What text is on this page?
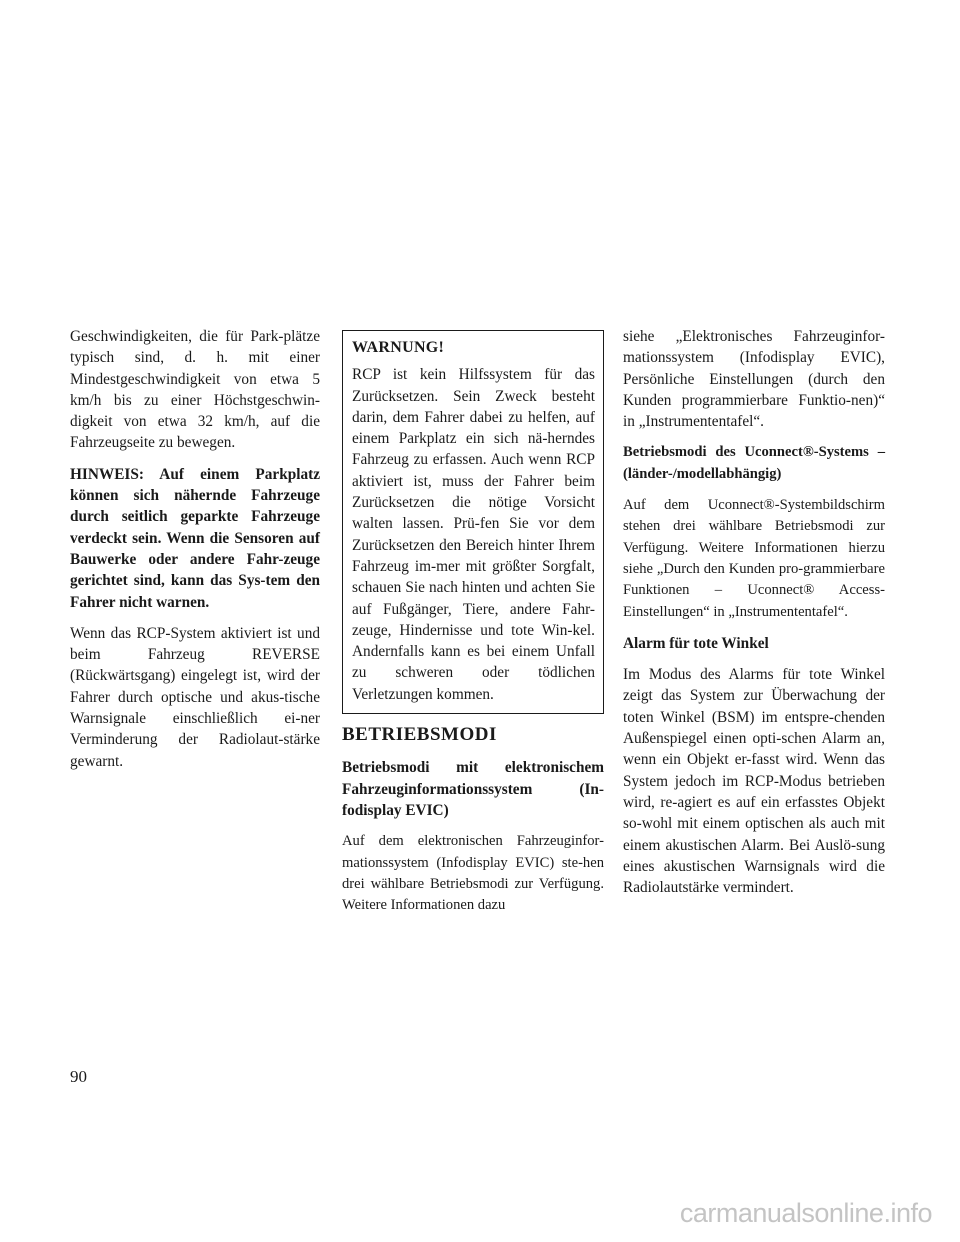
Geschwindigkeiten, die für Park-plätze typisch sind, d. h. mit einer Mindestgeschwindigkeit von etwa 5 km/h bis zu einer Höchstgeschwin-digkeit von etwa 32 km/h, auf die Fahrzeugseite zu bewegen.

HINWEIS: Auf einem Parkplatz können sich nähernde Fahrzeuge durch seitlich geparkte Fahrzeuge verdeckt sein. Wenn die Sensoren auf Bauwerke oder andere Fahr-zeuge gerichtet sind, kann das Sys-tem den Fahrer nicht warnen.

Wenn das RCP-System aktiviert ist und beim Fahrzeug REVERSE (Rückwärtsgang) eingelegt ist, wird der Fahrer durch optische und akus-tische Warnsignale einschließlich ei-ner Verminderung der Radiolaut-stärke gewarnt.

WARNUNG!

RCP ist kein Hilfssystem für das Zurücksetzen. Sein Zweck besteht darin, dem Fahrer dabei zu helfen, auf einem Parkplatz ein sich nä-herndes Fahrzeug zu erfassen. Auch wenn RCP aktiviert ist, muss der Fahrer beim Zurücksetzen die nötige Vorsicht walten lassen. Prü-fen Sie vor dem Zurücksetzen den Bereich hinter Ihrem Fahrzeug im-mer mit größter Sorgfalt, schauen Sie nach hinten und achten Sie auf Fußgänger, Tiere, andere Fahr-zeuge, Hindernisse und tote Win-kel. Andernfalls kann es bei einem Unfall zu schweren oder tödlichen Verletzungen kommen.

BETRIEBSMODI

Betriebsmodi mit elektronischem Fahrzeuginformationssystem (In-fodisplay EVIC)

Auf dem elektronischen Fahrzeuginfor-mationssystem (Infodisplay EVIC) ste-hen drei wählbare Betriebsmodi zur Verfügung. Weitere Informationen dazu

siehe „Elektronisches Fahrzeuginfor-mationssystem (Infodisplay EVIC), Persönliche Einstellungen (durch den Kunden programmierbare Funktio-nen)“ in „Instrumententafel“.

Betriebsmodi des Uconnect®-Systems – (länder-/modellabhängig)

Auf dem Uconnect®-Systembildschirm stehen drei wählbare Betriebsmodi zur Verfügung. Weitere Informationen hierzu siehe „Durch den Kunden pro-grammierbare Funktionen – Uconnect® Access-Einstellungen“ in „Instrumententafel“.

Alarm für tote Winkel

Im Modus des Alarms für tote Winkel zeigt das System zur Überwachung der toten Winkel (BSM) im entspre-chenden Außenspiegel einen opti-schen Alarm an, wenn ein Objekt er-fasst wird. Wenn das System jedoch im RCP-Modus betrieben wird, re-agiert es auf ein erfasstes Objekt so-wohl mit einem optischen als auch mit einem akustischen Alarm. Bei Auslö-sung eines akustischen Warnsignals wird die Radiolautstärke vermindert.

90
carmanualsonline.info
